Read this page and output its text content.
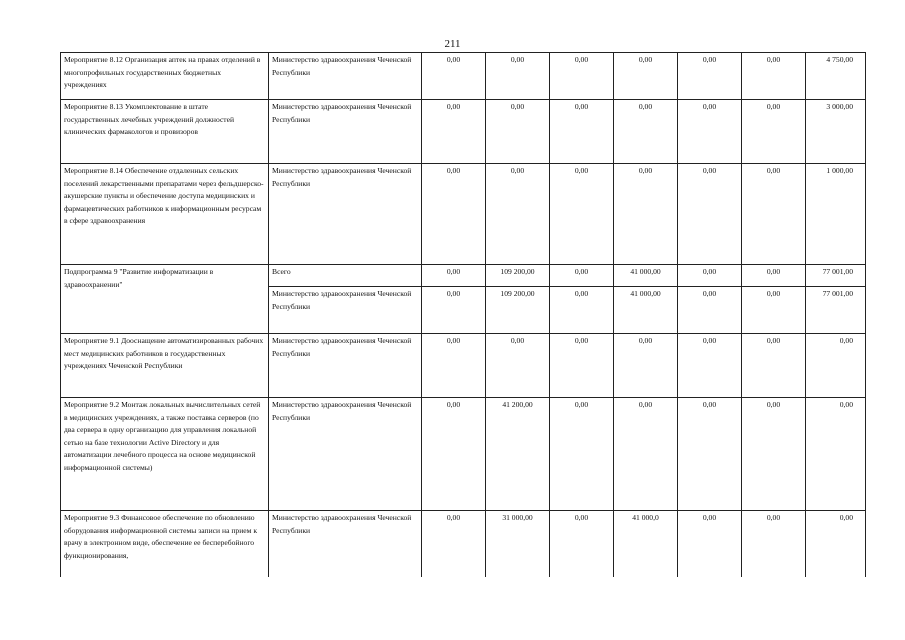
211
Мероприятие 8.12 Организация аптек на правах отделений в многопрофильных государственных бюджетных учреждениях	Министерство здравоохранения Чеченской Республики	0,00	0,00	0,00	0,00	0,00	0,00	4 750,00
Мероприятие 8.13 Укомплектование в штате государственных лечебных учреждений должностей клинических фармакологов и провизоров	Министерство здравоохранения Чеченской Республики	0,00	0,00	0,00	0,00	0,00	0,00	3 000,00
Мероприятие 8.14 Обеспечение отдаленных сельских поселений лекарственными препаратами через фельдшерско-акушерские пункты и обеспечение доступа медицинских и фармацевтических работников к информационным ресурсам в сфере здравоохранения	Министерство здравоохранения Чеченской Республики	0,00	0,00	0,00	0,00	0,00	0,00	1 000,00
Подпрограмма 9 "Развитие информатизации в здравоохранении"	Всего	0,00	109 200,00	0,00	41 000,00	0,00	0,00	77 001,00
	Министерство здравоохранения Чеченской Республики	0,00	109 200,00	0,00	41 000,00	0,00	0,00	77 001,00
Мероприятие 9.1 Дооснащение автоматизированных рабочих мест медицинских работников в государственных учреждениях Чеченской Республики	Министерство здравоохранения Чеченской Республики	0,00	0,00	0,00	0,00	0,00	0,00	0,00
Мероприятие 9.2 Монтаж локальных вычислительных сетей в медицинских учреждениях, а также поставка серверов (по два сервера в одну организацию для управления локальной сетью на базе технологии Active Directory и для автоматизации лечебного процесса на основе медицинской информационной системы)	Министерство здравоохранения Чеченской Республики	0,00	41 200,00	0,00	0,00	0,00	0,00	0,00
Мероприятие 9.3 Финансовое обеспечение по обновлению оборудования информационной системы записи на прием к врачу в электронном виде, обеспечение ее бесперебойного функционирования,	Министерство здравоохранения Чеченской Республики	0,00	31 000,00	0,00	41 000,0	0,00	0,00	0,00
